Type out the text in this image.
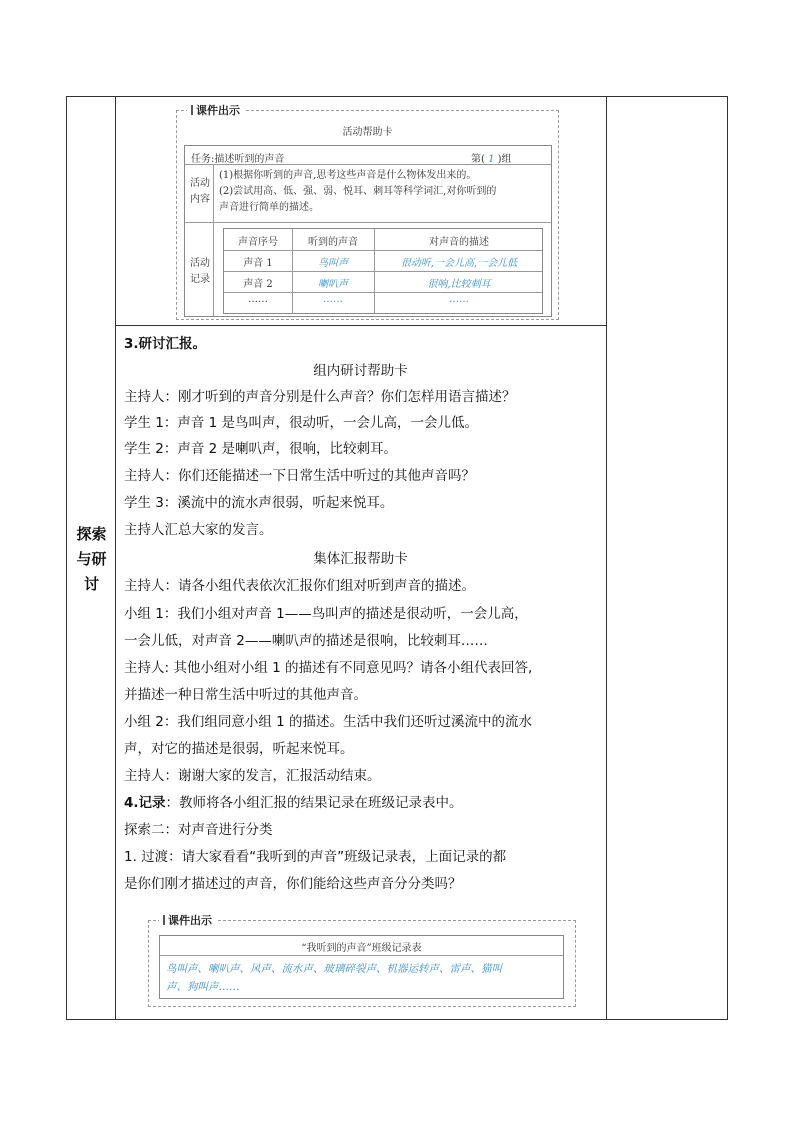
探索
与研
讨
课件出示
活动帮助卡
任务:描述听到的声音	第( 1 )组
活动
内容
(1)根据你听到的声音,思考这些声音是什么物体发出来的。
(2)尝试用高、低、强、弱、悦耳、刺耳等科学词汇,对你听到的
声音进行简单的描述。
活动
记录
声音序号	听到的声音	对声音的描述
声音 1	鸟叫声	很动听,一会儿高,一会儿低
声音 2	喇叭声	很响,比较刺耳
……	……	……
3.研讨汇报。
组内研讨帮助卡
主持人：刚才听到的声音分别是什么声音？你们怎样用语言描述？
学生 1：声音 1 是鸟叫声，很动听，一会儿高，一会儿低。
学生 2：声音 2 是喇叭声，很响，比较刺耳。
主持人：你们还能描述一下日常生活中听过的其他声音吗？
学生 3：溪流中的流水声很弱，听起来悦耳。
主持人汇总大家的发言。
集体汇报帮助卡
主持人：请各小组代表依次汇报你们组对听到声音的描述。
小组 1：我们小组对声音 1——鸟叫声的描述是很动听，一会儿高，
一会儿低，对声音 2——喇叭声的描述是很响，比较刺耳……
主持人: 其他小组对小组 1 的描述有不同意见吗？请各小组代表回答,
并描述一种日常生活中听过的其他声音。
小组 2：我们组同意小组 1 的描述。生活中我们还听过溪流中的流水
声，对它的描述是很弱，听起来悦耳。
主持人：谢谢大家的发言，汇报活动结束。
4.记录：教师将各小组汇报的结果记录在班级记录表中。
探索二：对声音进行分类
1. 过渡：请大家看看“我听到的声音”班级记录表，上面记录的都
是你们刚才描述过的声音，你们能给这些声音分分类吗？
课件出示
“我听到的声音”班级记录表
鸟叫声、喇叭声、风声、流水声、玻璃碎裂声、机器运转声、雷声、猫叫
声、狗叫声……
